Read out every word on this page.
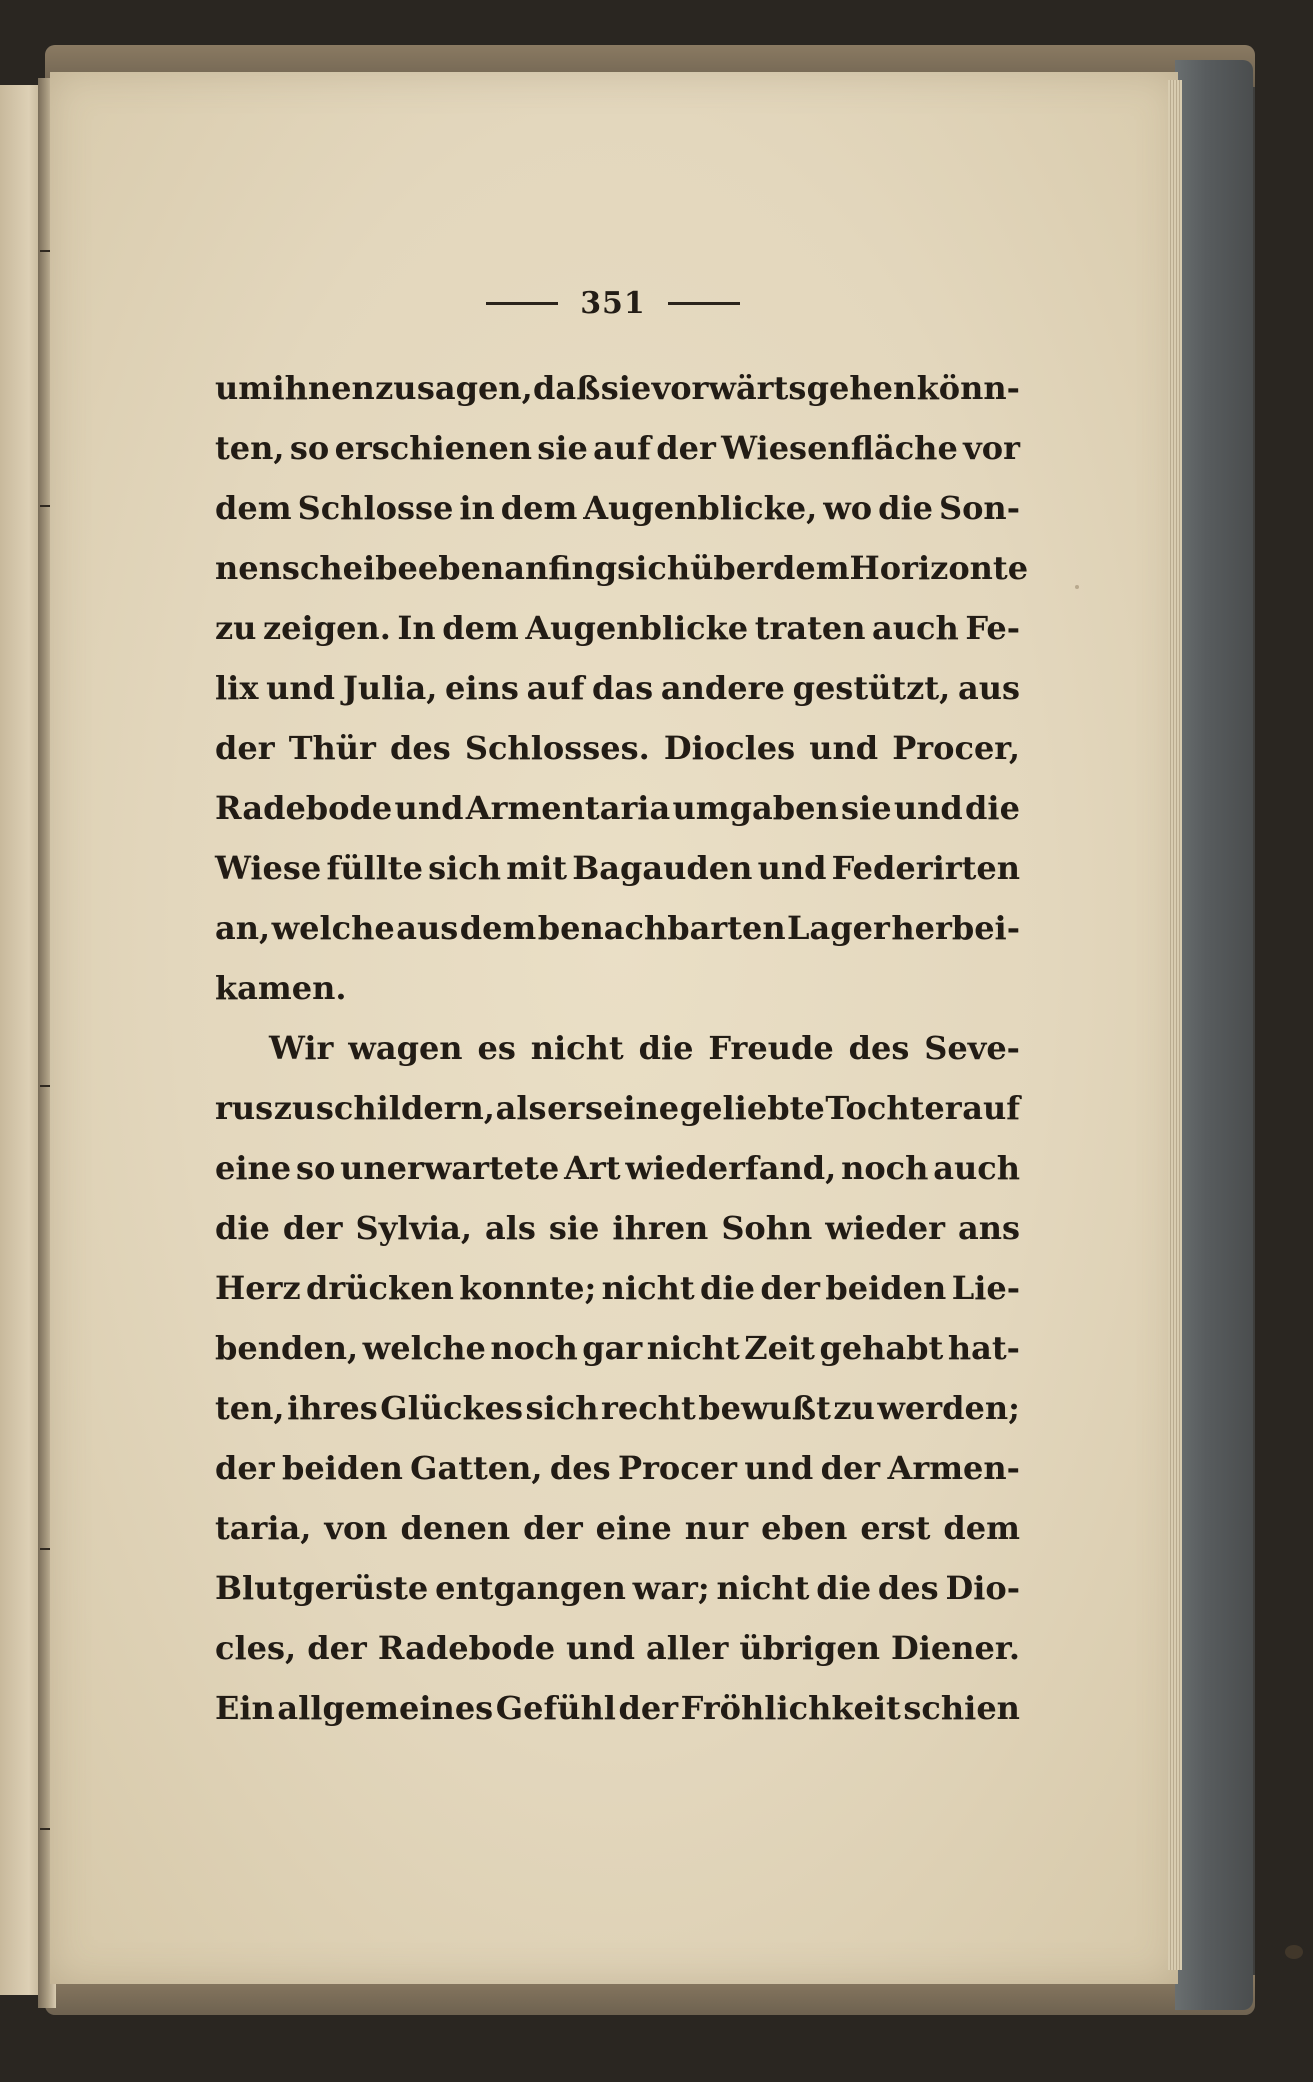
351
um ihnen zu sagen, daß sie vorwärts gehen könn-
ten, so erschienen sie auf der Wiesenfläche vor
dem Schlosse in dem Augenblicke, wo die Son-
nenscheibe eben anfing sich über dem Horizonte
zu zeigen. In dem Augenblicke traten auch Fe-
lix und Julia, eins auf das andere gestützt, aus
der Thür des Schlosses. Diocles und Procer,
Radebode und Armentaria umgaben sie und die
Wiese füllte sich mit Bagauden und Federirten
an, welche aus dem benachbarten Lager herbei-
kamen.
Wir wagen es nicht die Freude des Seve-
rus zu schildern, als er seine geliebte Tochter auf
eine so unerwartete Art wiederfand, noch auch
die der Sylvia, als sie ihren Sohn wieder ans
Herz drücken konnte; nicht die der beiden Lie-
benden, welche noch gar nicht Zeit gehabt hat-
ten, ihres Glückes sich recht bewußt zu werden;
der beiden Gatten, des Procer und der Armen-
taria, von denen der eine nur eben erst dem
Blutgerüste entgangen war; nicht die des Dio-
cles, der Radebode und aller übrigen Diener.
Ein allgemeines Gefühl der Fröhlichkeit schien
